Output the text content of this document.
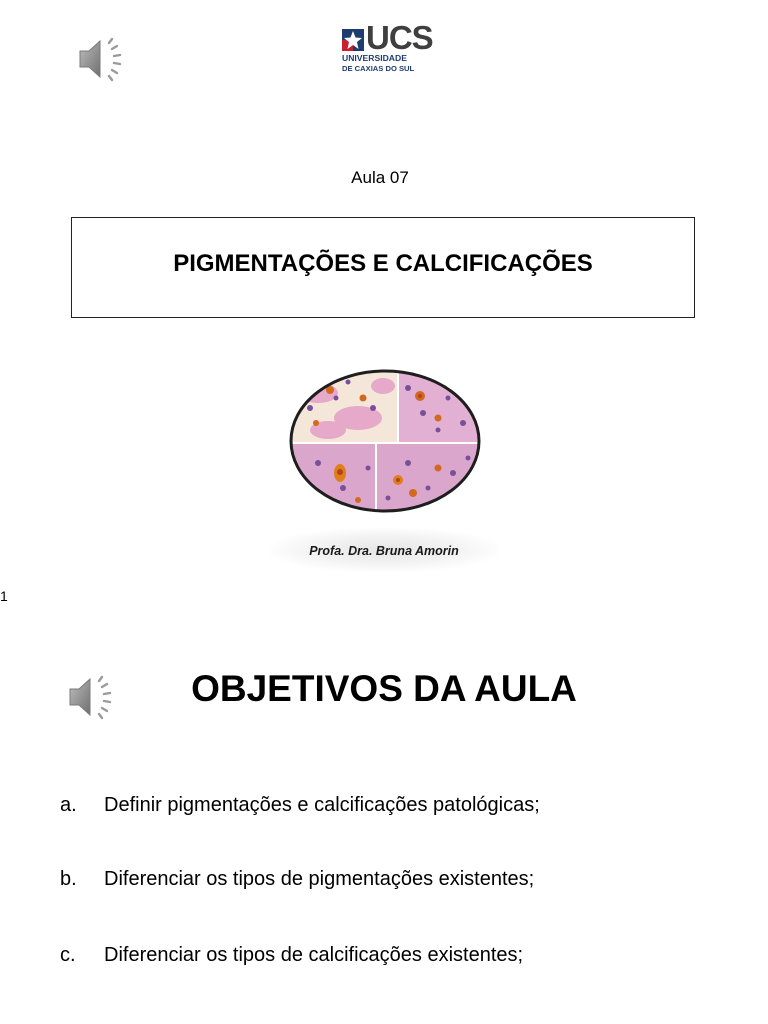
UCS
UNIVERSIDADE
DE CAXIAS DO SUL
Aula 07
PIGMENTAÇÕES E CALCIFICAÇÕES
Profa. Dra. Bruna Amorin
1
OBJETIVOS DA AULA
a. Definir pigmentações e calcificações patológicas;
b. Diferenciar os tipos de pigmentações existentes;
c. Diferenciar os tipos de calcificações existentes;
